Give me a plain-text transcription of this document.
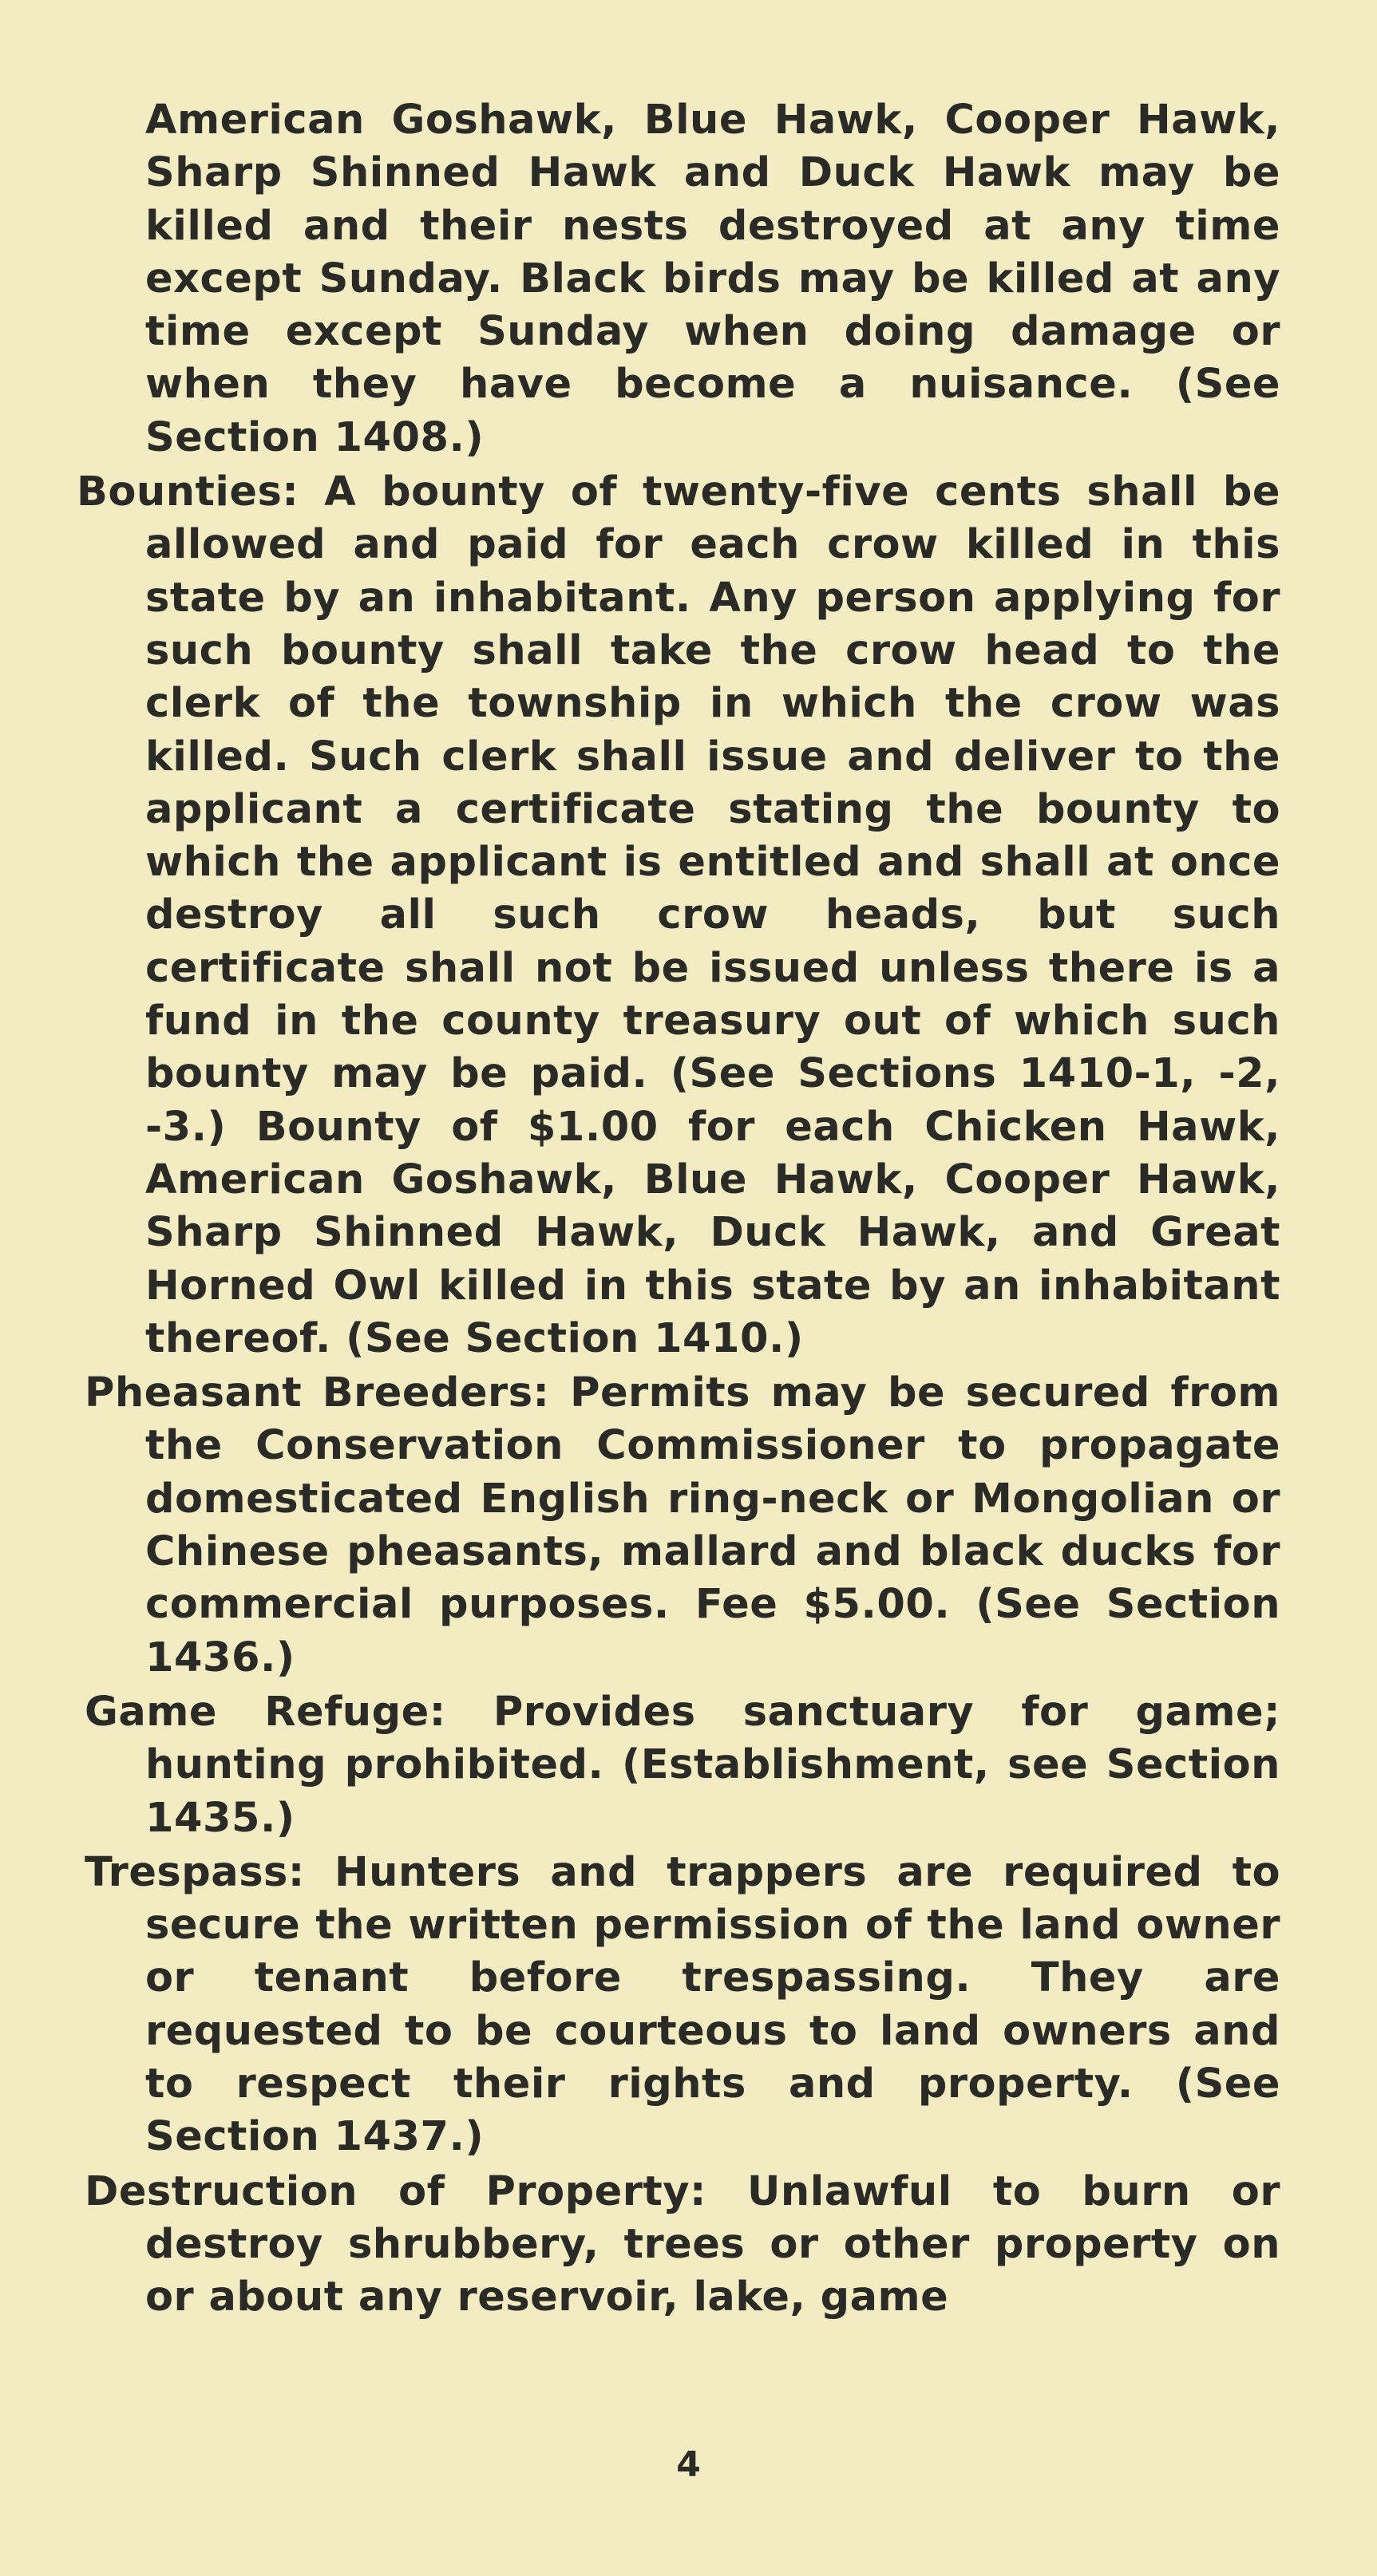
American Goshawk, Blue Hawk, Cooper Hawk, Sharp Shinned Hawk and Duck Hawk may be killed and their nests destroyed at any time except Sunday. Black birds may be killed at any time except Sunday when doing damage or when they have become a nuisance. (See Section 1408.)

Bounties: A bounty of twenty-five cents shall be allowed and paid for each crow killed in this state by an inhabitant. Any person applying for such bounty shall take the crow head to the clerk of the township in which the crow was killed. Such clerk shall issue and deliver to the applicant a certificate stating the bounty to which the applicant is entitled and shall at once destroy all such crow heads, but such certificate shall not be issued unless there is a fund in the county treasury out of which such bounty may be paid. (See Sections 1410-1, -2, -3.) Bounty of $1.00 for each Chicken Hawk, American Goshawk, Blue Hawk, Cooper Hawk, Sharp Shinned Hawk, Duck Hawk, and Great Horned Owl killed in this state by an inhabitant thereof. (See Section 1410.)

Pheasant Breeders: Permits may be secured from the Conservation Commissioner to propagate domesticated English ring-neck or Mongolian or Chinese pheasants, mallard and black ducks for commercial purposes. Fee $5.00. (See Section 1436.)

Game Refuge: Provides sanctuary for game; hunting prohibited. (Establishment, see Section 1435.)

Trespass: Hunters and trappers are required to secure the written permission of the land owner or tenant before trespassing. They are requested to be courteous to land owners and to respect their rights and property. (See Section 1437.)

Destruction of Property: Unlawful to burn or destroy shrubbery, trees or other property on or about any reservoir, lake, game

4
